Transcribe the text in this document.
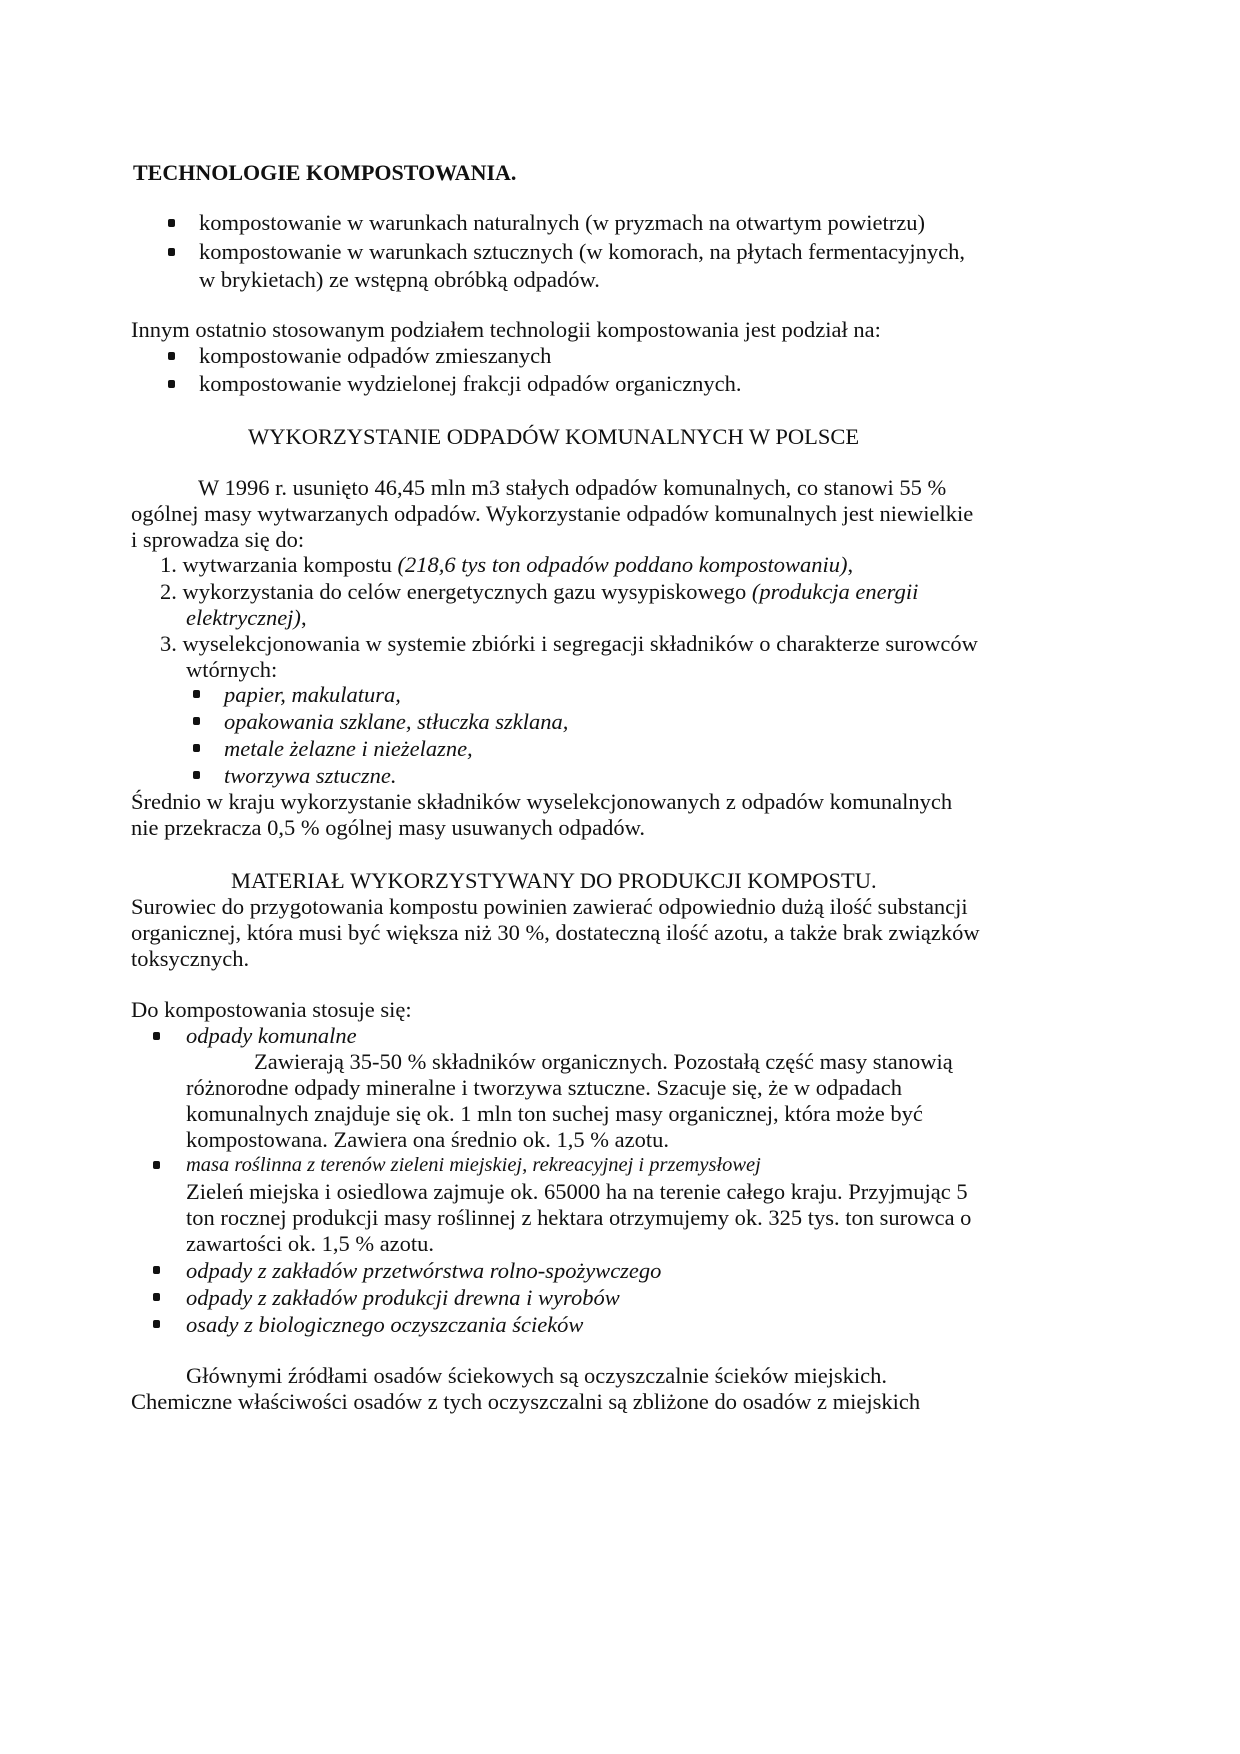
TECHNOLOGIE KOMPOSTOWANIA.
kompostowanie w warunkach naturalnych (w pryzmach na otwartym powietrzu)
kompostowanie w warunkach sztucznych (w komorach, na płytach fermentacyjnych,
w brykietach) ze wstępną obróbką odpadów.
Innym ostatnio stosowanym podziałem technologii kompostowania jest podział na:
kompostowanie odpadów zmieszanych
kompostowanie wydzielonej frakcji odpadów organicznych.
WYKORZYSTANIE ODPADÓW KOMUNALNYCH W POLSCE
W 1996 r. usunięto 46,45 mln m3 stałych odpadów komunalnych, co stanowi 55 %
ogólnej masy wytwarzanych odpadów. Wykorzystanie odpadów komunalnych jest niewielkie
i sprowadza się do:
1. wytwarzania kompostu (218,6 tys ton odpadów poddano kompostowaniu),
2. wykorzystania do celów energetycznych gazu wysypiskowego (produkcja energii
elektrycznej),
3. wyselekcjonowania w systemie zbiórki i segregacji składników o charakterze surowców
wtórnych:
papier, makulatura,
opakowania szklane, stłuczka szklana,
metale żelazne i nieżelazne,
tworzywa sztuczne.
Średnio w kraju wykorzystanie składników wyselekcjonowanych z odpadów komunalnych
nie przekracza 0,5 % ogólnej masy usuwanych odpadów.
MATERIAŁ WYKORZYSTYWANY DO PRODUKCJI KOMPOSTU.
Surowiec do przygotowania kompostu powinien zawierać odpowiednio dużą ilość substancji
organicznej, która musi być większa niż 30 %, dostateczną ilość azotu, a także brak związków
toksycznych.
Do kompostowania stosuje się:
odpady komunalne
Zawierają 35-50 % składników organicznych. Pozostałą część masy stanowią
różnorodne odpady mineralne i tworzywa sztuczne. Szacuje się, że w odpadach
komunalnych znajduje się ok. 1 mln ton suchej masy organicznej, która może być
kompostowana. Zawiera ona średnio ok. 1,5 % azotu.
masa roślinna z terenów zieleni miejskiej, rekreacyjnej i przemysłowej
Zieleń miejska i osiedlowa zajmuje ok. 65000 ha na terenie całego kraju. Przyjmując 5
ton rocznej produkcji masy roślinnej z hektara otrzymujemy ok. 325 tys. ton surowca o
zawartości ok. 1,5 % azotu.
odpady z zakładów przetwórstwa rolno-spożywczego
odpady z zakładów produkcji drewna i wyrobów
osady z biologicznego oczyszczania ścieków
Głównymi źródłami osadów ściekowych są oczyszczalnie ścieków miejskich.
Chemiczne właściwości osadów z tych oczyszczalni są zbliżone do osadów z miejskich
